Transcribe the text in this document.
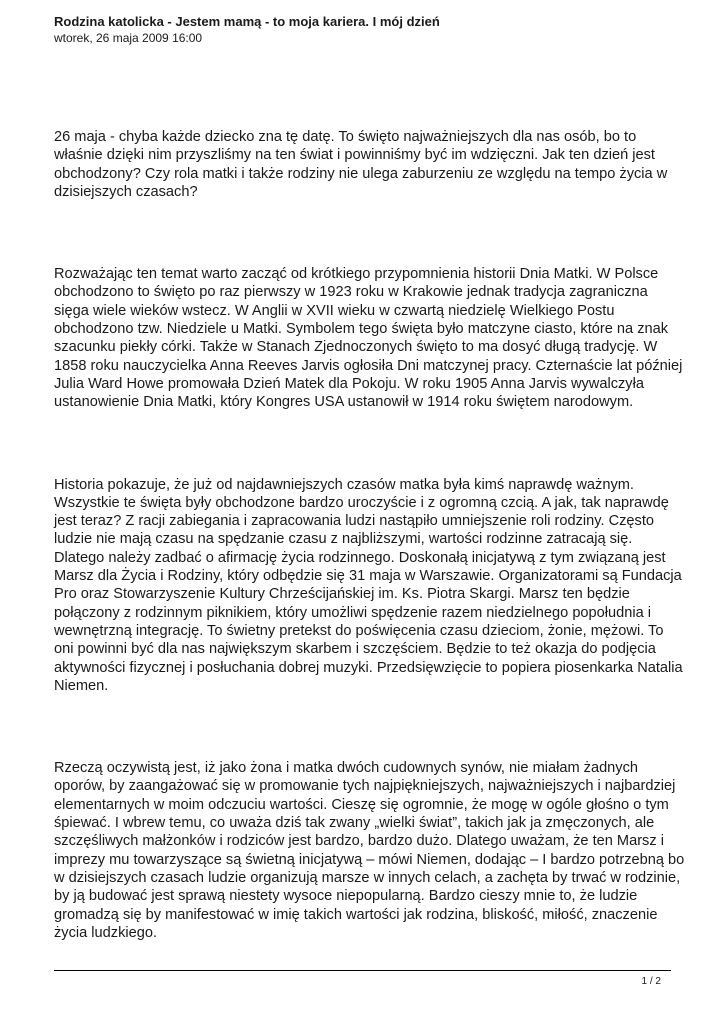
Rodzina katolicka - Jestem mamą - to moja kariera. I mój dzień

wtorek, 26 maja 2009 16:00

26 maja - chyba każde dziecko zna tę datę. To święto najważniejszych dla nas osób, bo to właśnie dzięki nim przyszliśmy na ten świat i powinniśmy być im wdzięczni. Jak ten dzień jest obchodzony? Czy rola matki i także rodziny nie ulega zaburzeniu ze względu na tempo życia w dzisiejszych czasach?

Rozważając ten temat warto zacząć od krótkiego przypomnienia historii Dnia Matki. W Polsce obchodzono to święto po raz pierwszy w 1923 roku w Krakowie jednak tradycja zagraniczna sięga wiele wieków wstecz. W Anglii w XVII wieku w czwartą niedzielę Wielkiego Postu obchodzono tzw. Niedziele u Matki. Symbolem tego święta było matczyne ciasto, które na znak szacunku piekły córki. Także w Stanach Zjednoczonych święto to ma dosyć długą tradycję. W 1858 roku nauczycielka Anna Reeves Jarvis ogłosiła Dni matczynej pracy. Czternaście lat później Julia Ward Howe promowała Dzień Matek dla Pokoju. W roku 1905 Anna Jarvis wywalczyła ustanowienie Dnia Matki, który Kongres USA ustanowił w 1914 roku świętem narodowym.

Historia pokazuje, że już od najdawniejszych czasów matka była kimś naprawdę ważnym. Wszystkie te święta były obchodzone bardzo uroczyście i z ogromną czcią. A jak, tak naprawdę jest teraz? Z racji zabiegania i zapracowania ludzi nastąpiło umniejszenie roli rodziny. Często ludzie nie mają czasu na spędzanie czasu z najbliższymi, wartości rodzinne zatracają się. Dlatego należy zadbać o afirmację życia rodzinnego. Doskonałą inicjatywą z tym związaną jest Marsz dla Życia i Rodziny, który odbędzie się 31 maja w Warszawie. Organizatorami są Fundacja Pro oraz Stowarzyszenie Kultury Chrześcijańskiej im. Ks. Piotra Skargi. Marsz ten będzie połączony z rodzinnym piknikiem, który umożliwi spędzenie razem niedzielnego popołudnia i wewnętrzną integrację. To świetny pretekst do poświęcenia czasu dzieciom, żonie, mężowi. To oni powinni być dla nas największym skarbem i szczęściem. Będzie to też okazja do podjęcia aktywności fizycznej i posłuchania dobrej muzyki. Przedsięwzięcie to popiera piosenkarka Natalia Niemen.

Rzeczą oczywistą jest, iż jako żona i matka dwóch cudownych synów, nie miałam żadnych oporów, by zaangażować się w promowanie tych najpiękniejszych, najważniejszych i najbardziej elementarnych w moim odczuciu wartości. Cieszę się ogromnie, że mogę w ogóle głośno o tym śpiewać. I wbrew temu, co uważa dziś tak zwany „wielki świat”, takich jak ja zmęczonych, ale szczęśliwych małżonków i rodziców jest bardzo, bardzo dużo. Dlatego uważam, że ten Marsz i imprezy mu towarzyszące są świetną inicjatywą – mówi Niemen, dodając – I bardzo potrzebną bo w dzisiejszych czasach ludzie organizują marsze w innych celach, a zachęta by trwać w rodzinie, by ją budować jest sprawą niestety wysoce niepopularną. Bardzo cieszy mnie to, że ludzie gromadzą się by manifestować w imię takich wartości jak rodzina, bliskość, miłość, znaczenie życia ludzkiego.

1 / 2
